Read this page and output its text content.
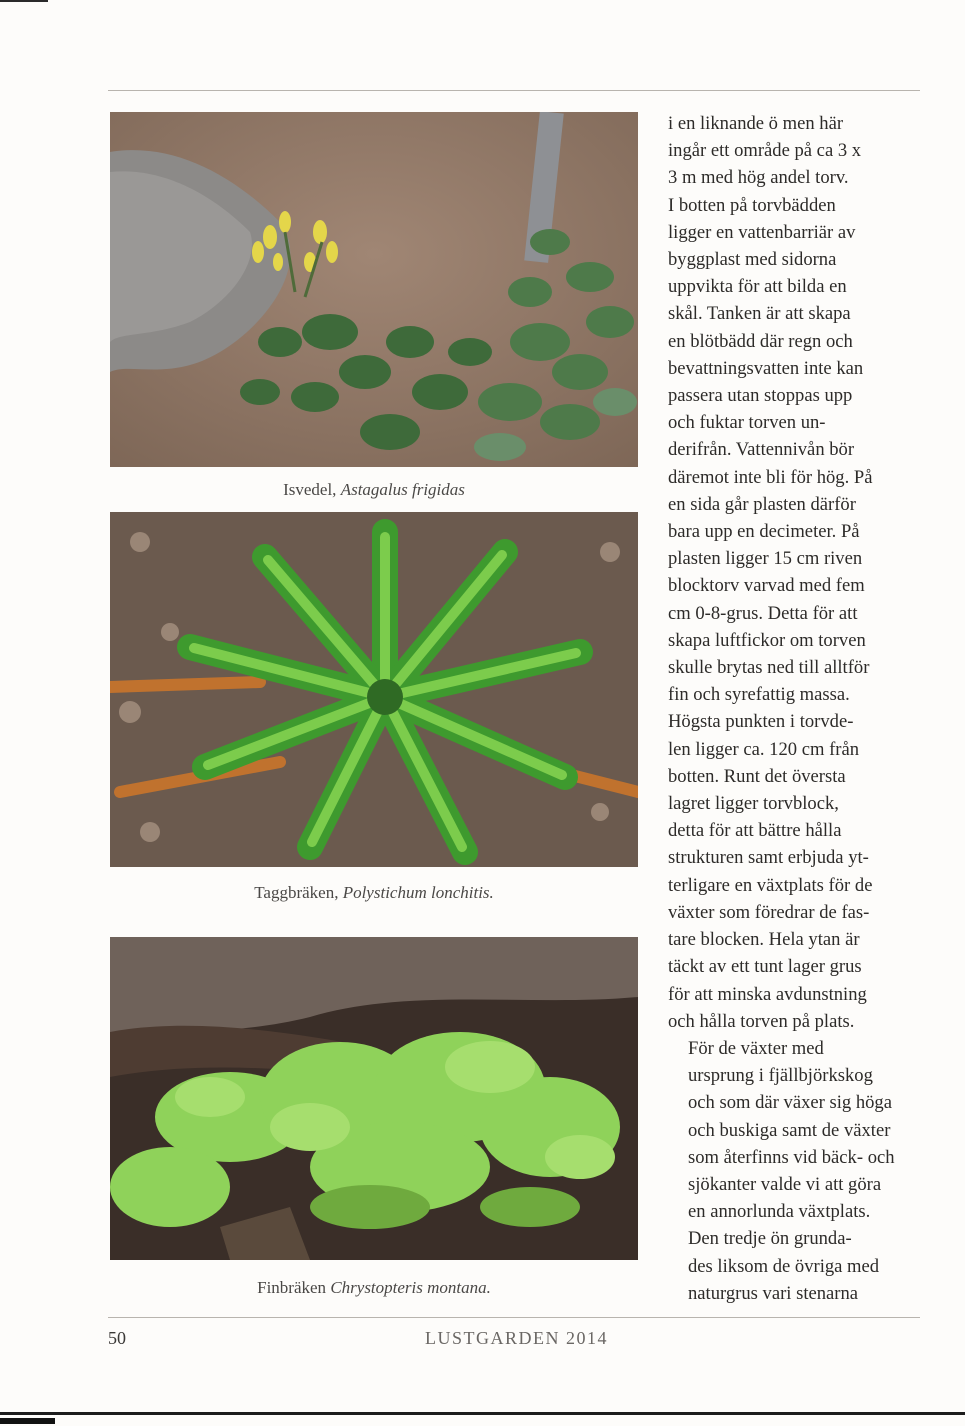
Isvedel, Astagalus frigidas
Taggbräken, Polystichum lonchitis.
Finbräken Chrystopteris montana.

i en liknande ö men här
ingår ett område på ca 3 x
3 m med hög andel torv.
I botten på torvbädden
ligger en vattenbarriär av
byggplast med sidorna
uppvikta för att bilda en
skål. Tanken är att skapa
en blötbädd där regn och
bevattningsvatten inte kan
passera utan stoppas upp
och fuktar torven un-
derifrån. Vattennivån bör
däremot inte bli för hög. På
en sida går plasten därför
bara upp en decimeter. På
plasten ligger 15 cm riven
blocktorv varvad med fem
cm 0-8-grus. Detta för att
skapa luftfickor om torven
skulle brytas ned till alltför
fin och syrefattig massa.
Högsta punkten i torvde-
len ligger ca. 120 cm från
botten. Runt det översta
lagret ligger torvblock,
detta för att bättre hålla
strukturen samt erbjuda yt-
terligare en växtplats för de
växter som föredrar de fas-
tare blocken. Hela ytan är
täckt av ett tunt lager grus
för att minska avdunstning
och hålla torven på plats.

För de växter med
ursprung i fjällbjörkskog
och som där växer sig höga
och buskiga samt de växter
som återfinns vid bäck- och
sjökanter valde vi att göra
en annorlunda växtplats.

Den tredje ön grunda-
des liksom de övriga med
naturgrus vari stenarna

50	LUSTGARDEN 2014
